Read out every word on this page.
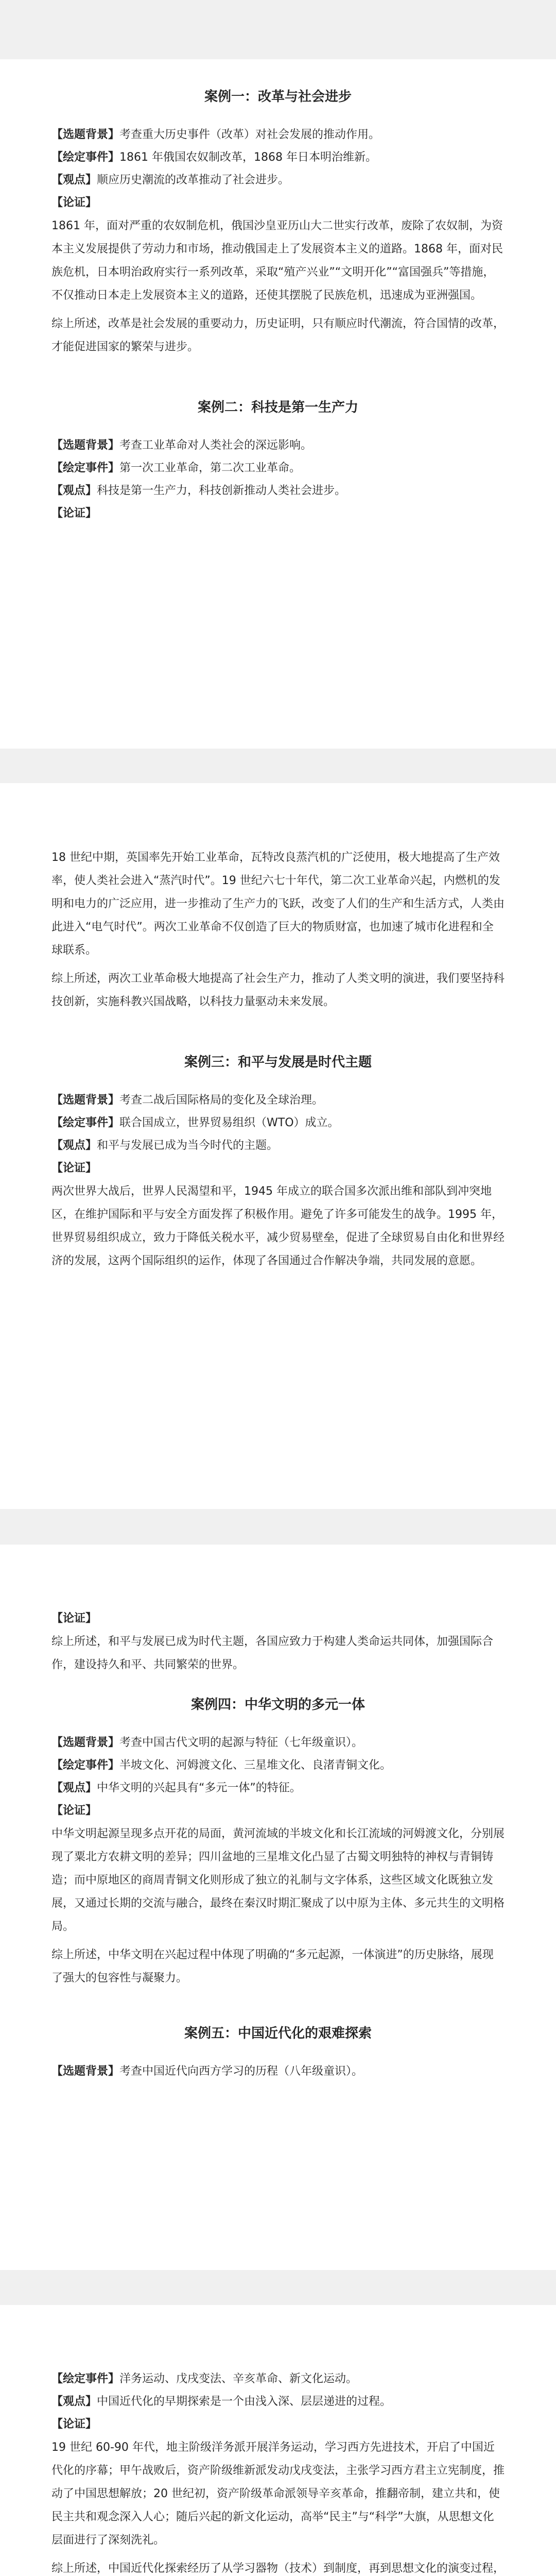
案例一：改革与社会进步

【选题背景】考查重大历史事件（改革）对社会发展的推动作用。

【绘定事件】1861 年俄国农奴制改革，1868 年日本明治维新。

【观点】顺应历史潮流的改革推动了社会进步。

【论证】

1861 年，面对严重的农奴制危机，俄国沙皇亚历山大二世实行改革，废除了农奴制，为资本主义发展提供了劳动力和市场，推动俄国走上了发展资本主义的道路。1868 年，面对民族危机，日本明治政府实行一系列改革，采取“殖产兴业”“文明开化”“富国强兵”等措施，不仅推动日本走上发展资本主义的道路，还使其摆脱了民族危机，迅速成为亚洲强国。

综上所述，改革是社会发展的重要动力，历史证明，只有顺应时代潮流，符合国情的改革，才能促进国家的繁荣与进步。

案例二：科技是第一生产力

【选题背景】考查工业革命对人类社会的深远影响。

【绘定事件】第一次工业革命，第二次工业革命。

【观点】科技是第一生产力，科技创新推动人类社会进步。

【论证】

18 世纪中期，英国率先开始工业革命，瓦特改良蒸汽机的广泛使用，极大地提高了生产效率，使人类社会进入“蒸汽时代”。19 世纪六七十年代，第二次工业革命兴起，内燃机的发明和电力的广泛应用，进一步推动了生产力的飞跃，改变了人们的生产和生活方式，人类由此进入“电气时代”。两次工业革命不仅创造了巨大的物质财富，也加速了城市化进程和全球联系。

综上所述，两次工业革命极大地提高了社会生产力，推动了人类文明的演进，我们要坚持科技创新，实施科教兴国战略，以科技力量驱动未来发展。

案例三：和平与发展是时代主题

【选题背景】考查二战后国际格局的变化及全球治理。

【绘定事件】联合国成立，世界贸易组织（WTO）成立。

【观点】和平与发展已成为当今时代的主题。

【论证】

两次世界大战后，世界人民渴望和平，1945 年成立的联合国多次派出维和部队到冲突地区，在维护国际和平与安全方面发挥了积极作用。避免了许多可能发生的战争。1995 年，世界贸易组织成立，致力于降低关税水平，减少贸易壁垒，促进了全球贸易自由化和世界经济的发展，这两个国际组织的运作，体现了各国通过合作解决争端，共同发展的意愿。

【论证】

综上所述，和平与发展已成为时代主题，各国应致力于构建人类命运共同体，加强国际合作，建设持久和平、共同繁荣的世界。

案例四：中华文明的多元一体

【选题背景】考查中国古代文明的起源与特征（七年级童识）。

【绘定事件】半坡文化、河姆渡文化、三星堆文化、良渚青铜文化。

【观点】中华文明的兴起具有“多元一体”的特征。

【论证】

中华文明起源呈现多点开花的局面，黄河流域的半坡文化和长江流域的河姆渡文化，分别展现了粟北方农耕文明的差异；四川盆地的三星堆文化凸显了古蜀文明独特的神权与青铜铸造；而中原地区的商周青铜文化则形成了独立的礼制与文字体系，这些区域文化既独立发展，又通过长期的交流与融合，最终在秦汉时期汇聚成了以中原为主体、多元共生的文明格局。

综上所述，中华文明在兴起过程中体现了明确的“多元起源，一体演进”的历史脉络，展现了强大的包容性与凝聚力。

案例五：中国近代化的艰难探索

【选题背景】考查中国近代向西方学习的历程（八年级童识）。

【绘定事件】洋务运动、戊戌变法、辛亥革命、新文化运动。

【观点】中国近代化的早期探索是一个由浅入深、层层递进的过程。

【论证】

19 世纪 60-90 年代，地主阶级洋务派开展洋务运动，学习西方先进技术，开启了中国近代化的序幕；甲午战败后，资产阶级维新派发动戊戌变法，主张学习西方君主立宪制度，推动了中国思想解放；20 世纪初，资产阶级革命派领导辛亥革命，推翻帝制，建立共和，使民主共和观念深入人心；随后兴起的新文化运动，高举“民主”与“科学”大旗，从思想文化层面进行了深刻洗礼。

综上所述，中国近代化探索经历了从学习器物（技术）到制度，再到思想文化的演变过程，
